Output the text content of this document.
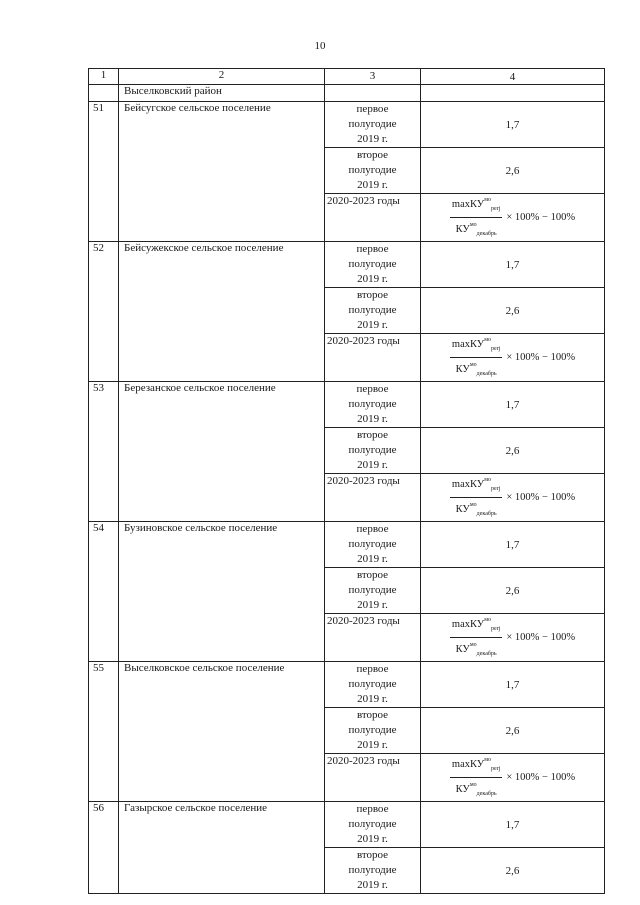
10
1	2	3	4
	Выселковский район		
51	Бейсугское сельское поселение	первое
полугодие
2019 г.	1,7

		второе
полугодие
2019 г.	2,6

		2020-2023 годы	$\frac{\max КУ^{мо}_{perj}}{КУ^{мо}_{декабрь}} \times 100\% - 100\%$

52	Бейсужекское сельское поселение	первое
полугодие
2019 г.	1,7

		второе
полугодие
2019 г.	2,6

		2020-2023 годы	$\frac{\max КУ^{мо}_{perj}}{КУ^{мо}_{декабрь}} \times 100\% - 100\%$

53	Березанское сельское поселение	первое
полугодие
2019 г.	1,7

		второе
полугодие
2019 г.	2,6

		2020-2023 годы	$\frac{\max КУ^{мо}_{perj}}{КУ^{мо}_{декабрь}} \times 100\% - 100\%$

54	Бузиновское сельское поселение	первое
полугодие
2019 г.	1,7

		второе
полугодие
2019 г.	2,6

		2020-2023 годы	$\frac{\max КУ^{мо}_{perj}}{КУ^{мо}_{декабрь}} \times 100\% - 100\%$

55	Выселковское сельское поселение	первое
полугодие
2019 г.	1,7

		второе
полугодие
2019 г.	2,6

		2020-2023 годы	$\frac{\max КУ^{мо}_{perj}}{КУ^{мо}_{декабрь}} \times 100\% - 100\%$

56	Газырское сельское поселение	первое
полугодие
2019 г.	1,7

		второе
полугодие
2019 г.	2,6
